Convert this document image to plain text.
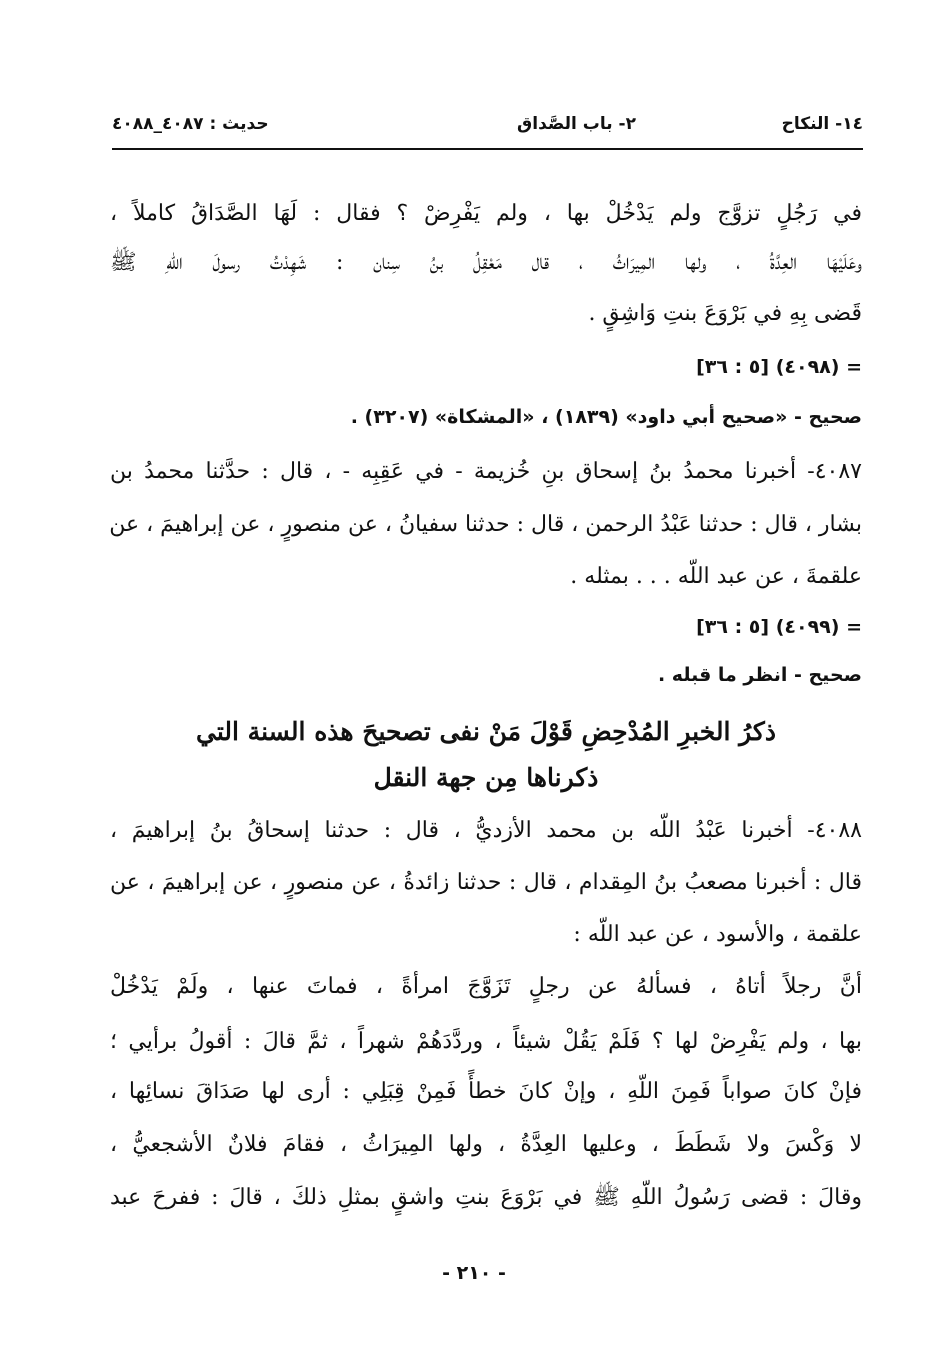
١٤- النكاح
٢- باب الصَّداق
حديث : ٤٠٨٧_٤٠٨٨
في رَجُلٍ تزوَّج ولم يَدْخُلْ بها ، ولم يَفْرِضْ ؟ فقال : لَهَا الصَّدَاقُ كاملاً ،
وعَلَيْهَا العِدَّةُ ، ولها المِيرَاثُ ، قال مَعْقِلُ بنُ سِنان : شَهِدْتُ رسولَ اللّهِ ﷺ
قَضى بِهِ في بَرْوَعَ بنتِ وَاشِقٍ .
= (٤٠٩٨) [٥ : ٣٦]
صحيح - «صحيح أبي داود» (١٨٣٩) ، «المشكاة» (٣٢٠٧) .
٤٠٨٧- أخبرنا محمدُ بنُ إسحاق بنِ خُزيمة - في عَقِبِه - ، قال : حدَّثنا محمدُ بن
بشار ، قال : حدثنا عَبْدُ الرحمن ، قال : حدثنا سفيانُ ، عن منصورٍ ، عن إبراهيمَ ، عن
علقمةَ ، عن عبد اللّه . . . بمثله .
= (٤٠٩٩) [٥ : ٣٦]
صحيح - انظر ما قبله .
ذكرُ الخبرِ المُدْحِضِ قَوْلَ مَنْ نفى تصحيحَ هذه السنة التي
ذكرناها مِن جهة النقل
٤٠٨٨- أخبرنا عَبْدُ اللّه بن محمد الأزديُّ ، قال : حدثنا إسحاقُ بنُ إبراهيمَ ،
قال : أخبرنا مصعبُ بنُ المِقدام ، قال : حدثنا زائدةُ ، عن منصورٍ ، عن إبراهيمَ ، عن
علقمة ، والأسود ، عن عبد اللّه :
أنَّ رجلاً أتاهُ ، فسألهُ عن رجلٍ تَزَوَّجَ امرأةً ، فماتَ عنها ، ولَمْ يَدْخُلْ
بها ، ولم يَفْرِضْ لها ؟ فَلَمْ يَقُلْ شيئاً ، وردَّدَهُمْ شهراً ، ثمَّ قالَ : أقولُ برأيي ؛
فإنْ كانَ صواباً فَمِنَ اللّهِ ، وإنْ كانَ خطأً فَمِنْ قِبَلِي : أرى لها صَدَاقَ نسائِها ،
لا وَكْسَ ولا شَطَطَ ، وعليها العِدَّةُ ، ولها المِيرَاثُ ، فقامَ فلانٌ الأشجعيُّ ،
وقالَ : قضى رَسُولُ اللّهِ ﷺ في بَرْوَعَ بنتِ واشقٍ بمثلِ ذلكَ ، قالَ : ففرحَ عبد
- ٢١٠ -
